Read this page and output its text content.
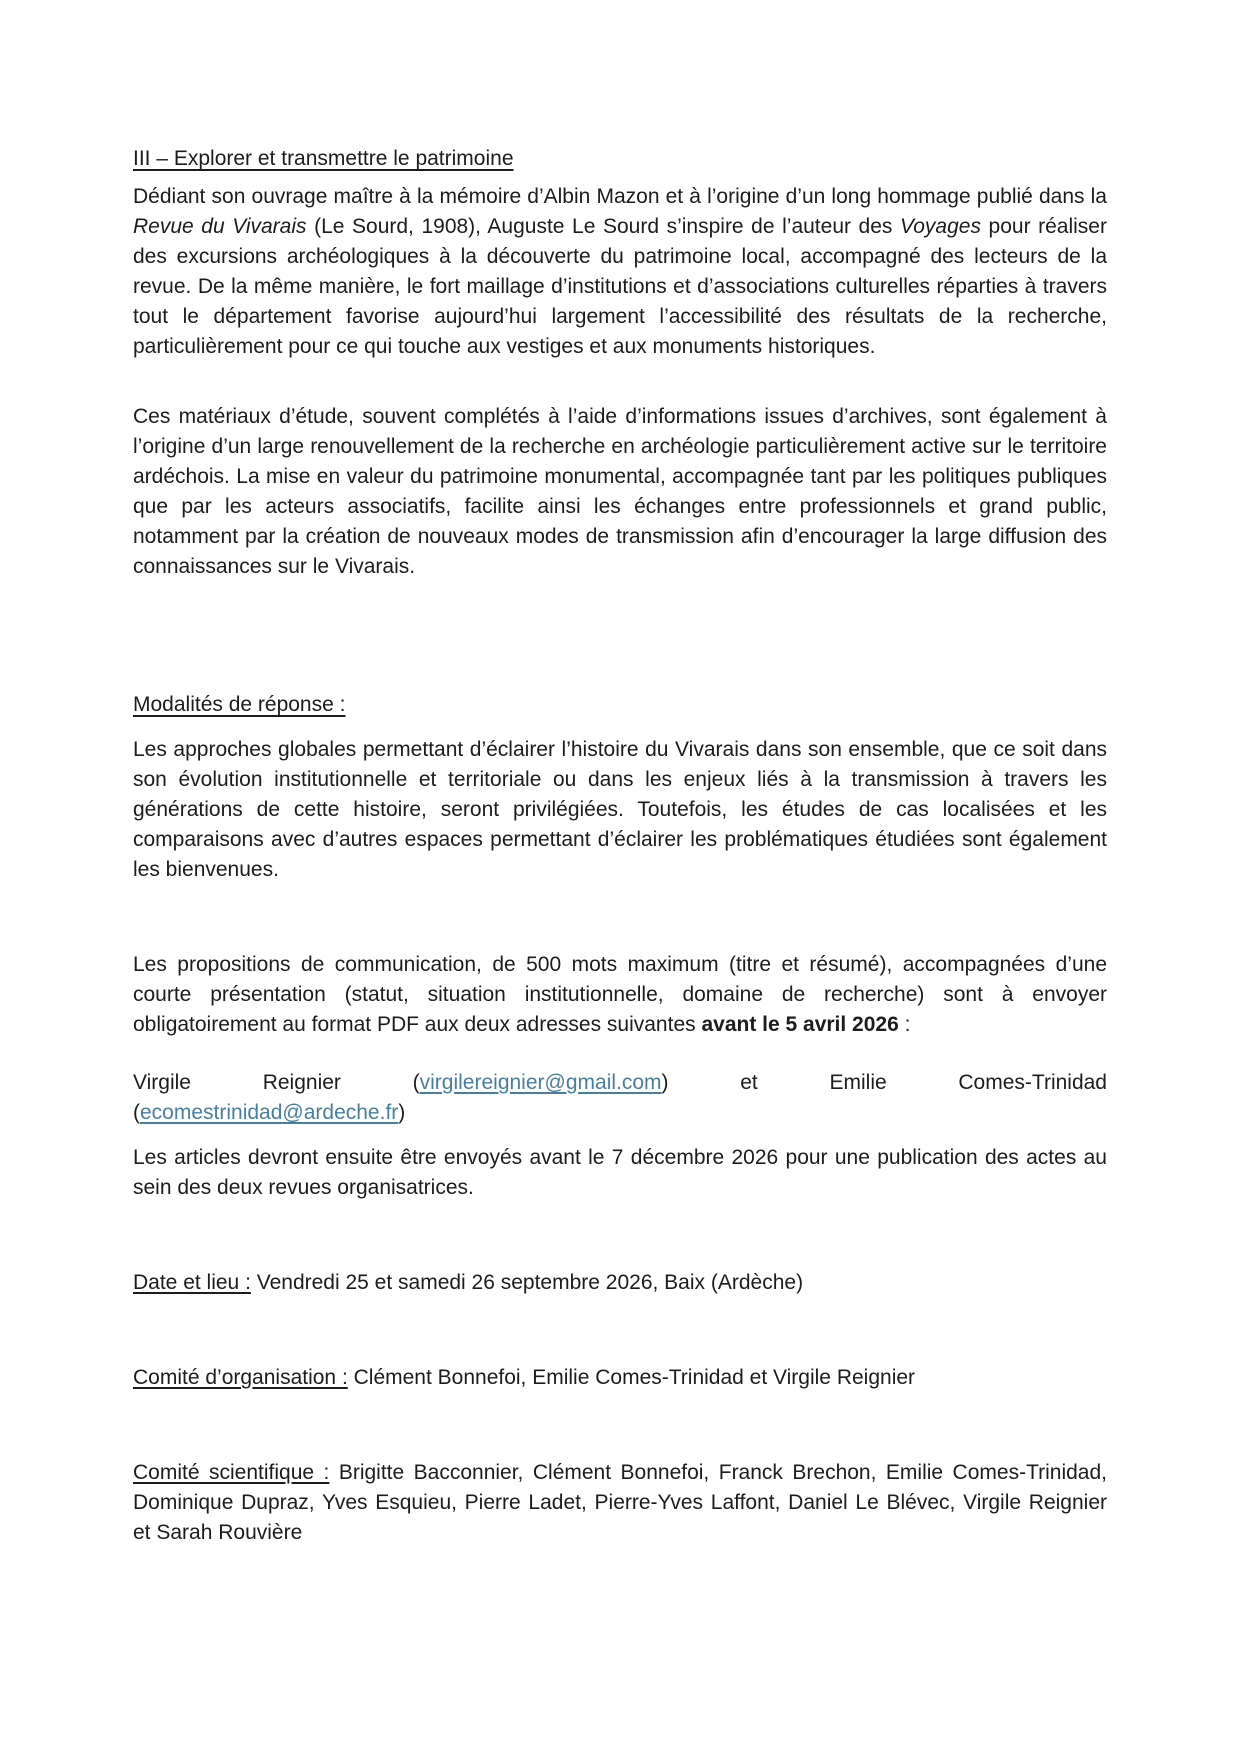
III – Explorer et transmettre le patrimoine

Dédiant son ouvrage maître à la mémoire d’Albin Mazon et à l’origine d’un long hommage publié dans la Revue du Vivarais (Le Sourd, 1908), Auguste Le Sourd s’inspire de l’auteur des Voyages pour réaliser des excursions archéologiques à la découverte du patrimoine local, accompagné des lecteurs de la revue. De la même manière, le fort maillage d’institutions et d’associations culturelles réparties à travers tout le département favorise aujourd’hui largement l’accessibilité des résultats de la recherche, particulièrement pour ce qui touche aux vestiges et aux monuments historiques.

Ces matériaux d’étude, souvent complétés à l’aide d’informations issues d’archives, sont également à l’origine d’un large renouvellement de la recherche en archéologie particulièrement active sur le territoire ardéchois. La mise en valeur du patrimoine monumental, accompagnée tant par les politiques publiques que par les acteurs associatifs, facilite ainsi les échanges entre professionnels et grand public, notamment par la création de nouveaux modes de transmission afin d’encourager la large diffusion des connaissances sur le Vivarais.

Modalités de réponse :

Les approches globales permettant d’éclairer l’histoire du Vivarais dans son ensemble, que ce soit dans son évolution institutionnelle et territoriale ou dans les enjeux liés à la transmission à travers les générations de cette histoire, seront privilégiées. Toutefois, les études de cas localisées et les comparaisons avec d’autres espaces permettant d’éclairer les problématiques étudiées sont également les bienvenues.

Les propositions de communication, de 500 mots maximum (titre et résumé), accompagnées d’une courte présentation (statut, situation institutionnelle, domaine de recherche) sont à envoyer obligatoirement au format PDF aux deux adresses suivantes avant le 5 avril 2026 :

Virgile	Reignier	(virgilereignier@gmail.com)	et	Emilie	Comes-Trinidad
(ecomestrinidad@ardeche.fr)

Les articles devront ensuite être envoyés avant le 7 décembre 2026 pour une publication des actes au sein des deux revues organisatrices.

Date et lieu : Vendredi 25 et samedi 26 septembre 2026, Baix (Ardèche)

Comité d’organisation : Clément Bonnefoi, Emilie Comes-Trinidad et Virgile Reignier

Comité scientifique : Brigitte Bacconnier, Clément Bonnefoi, Franck Brechon, Emilie Comes-Trinidad, Dominique Dupraz, Yves Esquieu, Pierre Ladet, Pierre-Yves Laffont, Daniel Le Blévec, Virgile Reignier et Sarah Rouvière
